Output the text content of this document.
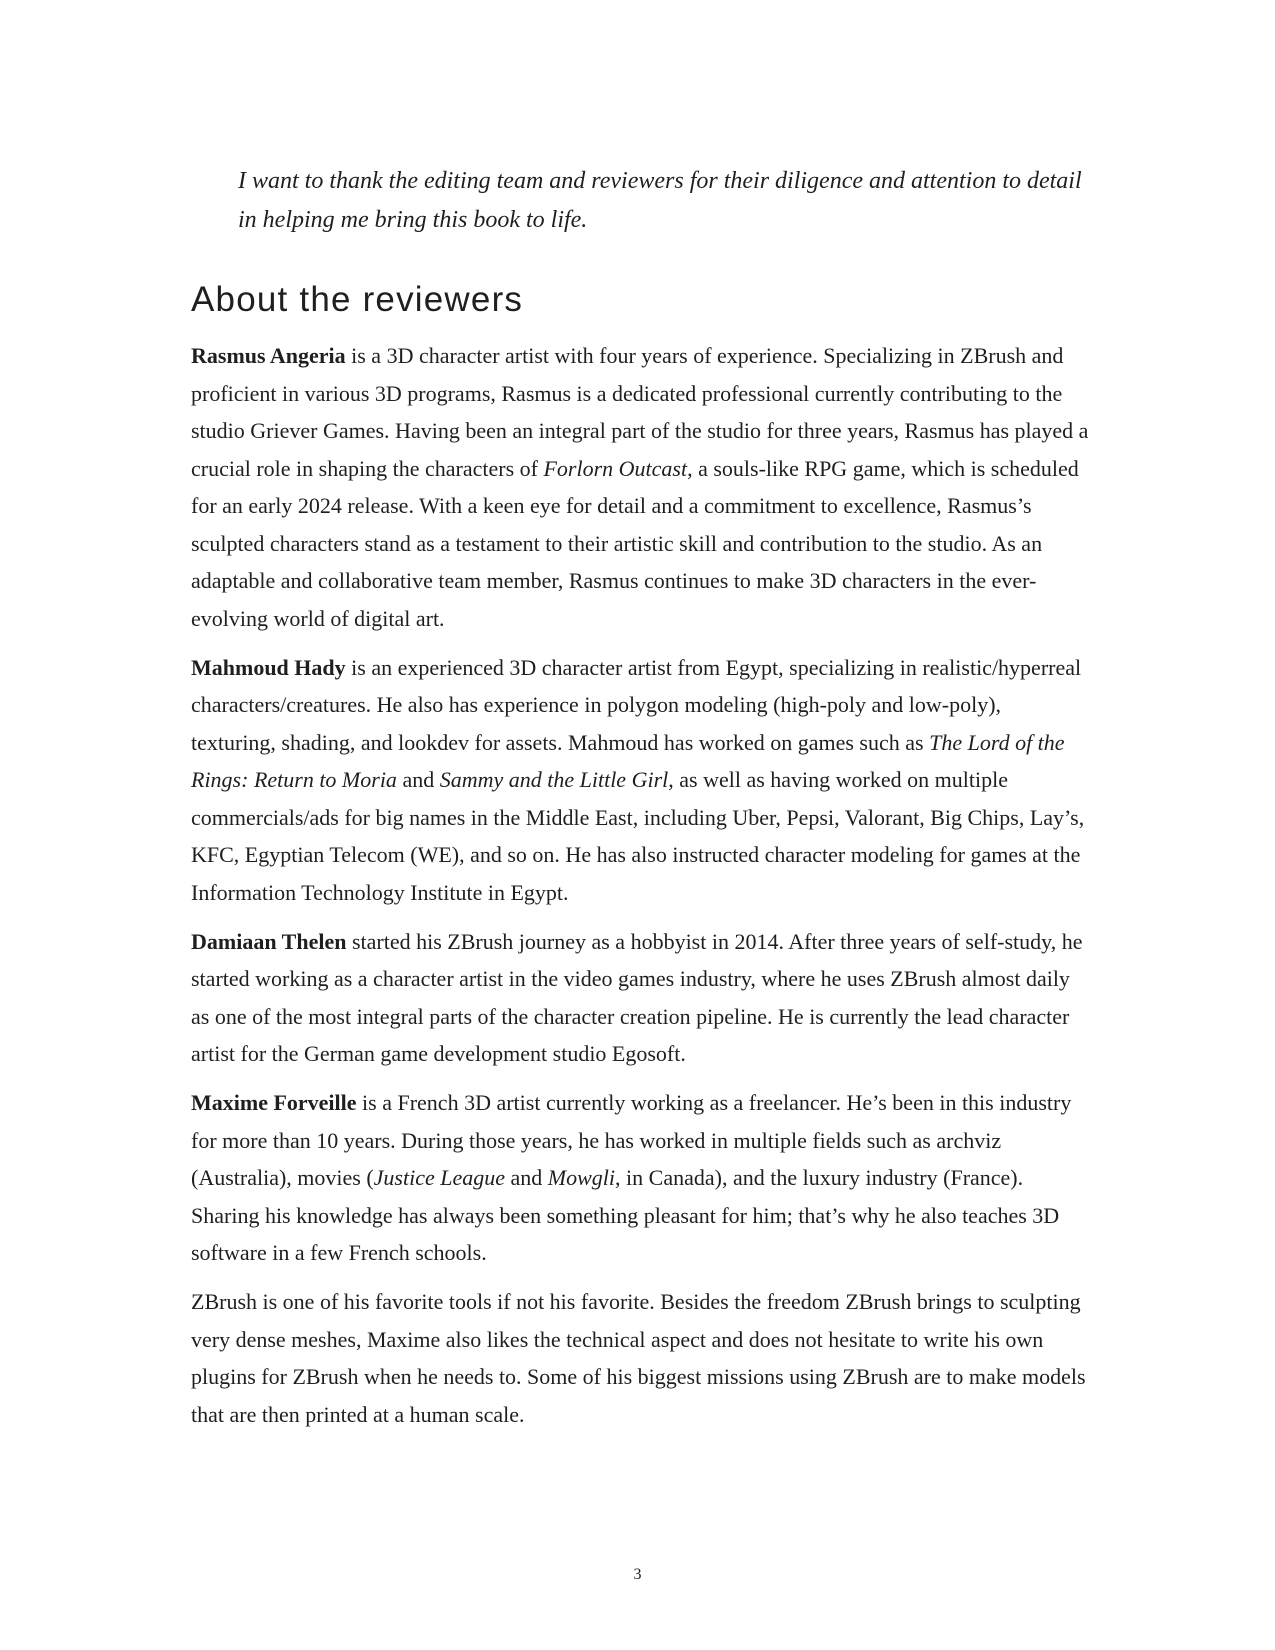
I want to thank the editing team and reviewers for their diligence and attention to detail
in helping me bring this book to life.

About the reviewers

Rasmus Angeria is a 3D character artist with four years of experience. Specializing in ZBrush and proficient in various 3D programs, Rasmus is a dedicated professional currently contributing to the studio Griever Games. Having been an integral part of the studio for three years, Rasmus has played a crucial role in shaping the characters of Forlorn Outcast, a souls-like RPG game, which is scheduled for an early 2024 release. With a keen eye for detail and a commitment to excellence, Rasmus’s sculpted characters stand as a testament to their artistic skill and contribution to the studio. As an adaptable and collaborative team member, Rasmus continues to make 3D characters in the ever-evolving world of digital art.

Mahmoud Hady is an experienced 3D character artist from Egypt, specializing in realistic/hyperreal characters/creatures. He also has experience in polygon modeling (high-poly and low-poly), texturing, shading, and lookdev for assets. Mahmoud has worked on games such as The Lord of the Rings: Return to Moria and Sammy and the Little Girl, as well as having worked on multiple commercials/ads for big names in the Middle East, including Uber, Pepsi, Valorant, Big Chips, Lay’s, KFC, Egyptian Telecom (WE), and so on. He has also instructed character modeling for games at the Information Technology Institute in Egypt.

Damiaan Thelen started his ZBrush journey as a hobbyist in 2014. After three years of self-study, he started working as a character artist in the video games industry, where he uses ZBrush almost daily as one of the most integral parts of the character creation pipeline. He is currently the lead character artist for the German game development studio Egosoft.

Maxime Forveille is a French 3D artist currently working as a freelancer. He’s been in this industry for more than 10 years. During those years, he has worked in multiple fields such as archviz (Australia), movies (Justice League and Mowgli, in Canada), and the luxury industry (France). Sharing his knowledge has always been something pleasant for him; that’s why he also teaches 3D software in a few French schools.

ZBrush is one of his favorite tools if not his favorite. Besides the freedom ZBrush brings to sculpting very dense meshes, Maxime also likes the technical aspect and does not hesitate to write his own plugins for ZBrush when he needs to. Some of his biggest missions using ZBrush are to make models that are then printed at a human scale.

3
